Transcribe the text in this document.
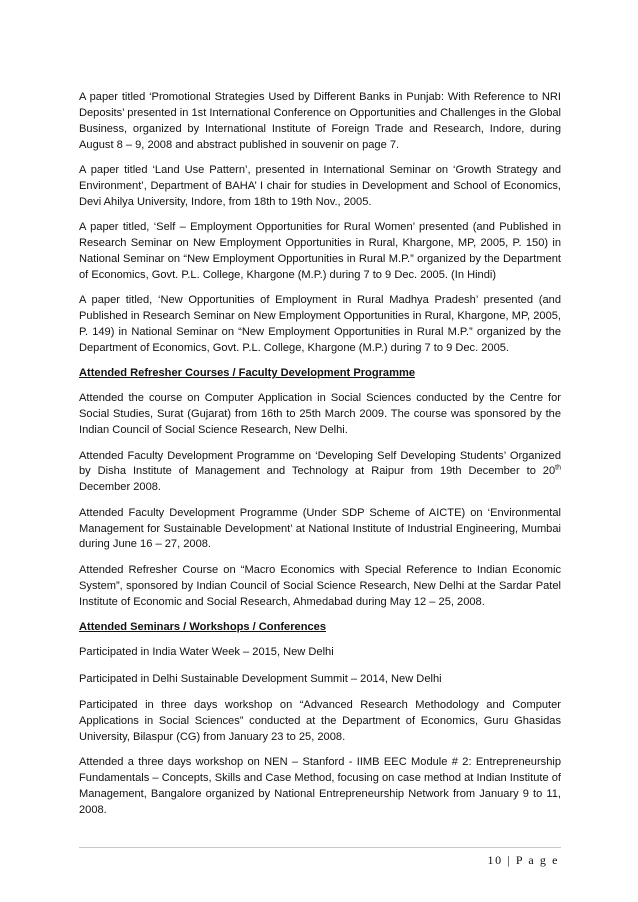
A paper titled ‘Promotional Strategies Used by Different Banks in Punjab: With Reference to NRI Deposits’ presented in 1st International Conference on Opportunities and Challenges in the Global Business, organized by International Institute of Foreign Trade and Research, Indore, during August 8 – 9, 2008 and abstract published in souvenir on page 7.

A paper titled ‘Land Use Pattern’, presented in International Seminar on ‘Growth Strategy and Environment’, Department of BAHA’ I chair for studies in Development and School of Economics, Devi Ahilya University, Indore, from 18th to 19th Nov., 2005.

A paper titled, ‘Self – Employment Opportunities for Rural Women’ presented (and Published in Research Seminar on New Employment Opportunities in Rural, Khargone, MP, 2005, P. 150) in National Seminar on “New Employment Opportunities in Rural M.P.” organized by the Department of Economics, Govt. P.L. College, Khargone (M.P.) during 7 to 9 Dec. 2005. (In Hindi)

A paper titled, ‘New Opportunities of Employment in Rural Madhya Pradesh’ presented (and Published in Research Seminar on New Employment Opportunities in Rural, Khargone, MP, 2005, P. 149) in National Seminar on “New Employment Opportunities in Rural M.P.” organized by the Department of Economics, Govt. P.L. College, Khargone (M.P.) during 7 to 9 Dec. 2005.

Attended Refresher Courses / Faculty Development Programme

Attended the course on Computer Application in Social Sciences conducted by the Centre for Social Studies, Surat (Gujarat) from 16th to 25th March 2009. The course was sponsored by the Indian Council of Social Science Research, New Delhi.

Attended Faculty Development Programme on ‘Developing Self Developing Students’ Organized by Disha Institute of Management and Technology at Raipur from 19th December to 20th December 2008.

Attended Faculty Development Programme (Under SDP Scheme of AICTE) on ‘Environmental Management for Sustainable Development’ at National Institute of Industrial Engineering, Mumbai during June 16 – 27, 2008.

Attended Refresher Course on “Macro Economics with Special Reference to Indian Economic System”, sponsored by Indian Council of Social Science Research, New Delhi at the Sardar Patel Institute of Economic and Social Research, Ahmedabad during May 12 – 25, 2008.

Attended Seminars / Workshops / Conferences

Participated in India Water Week – 2015, New Delhi

Participated in Delhi Sustainable Development Summit – 2014, New Delhi

Participated in three days workshop on “Advanced Research Methodology and Computer Applications in Social Sciences” conducted at the Department of Economics, Guru Ghasidas University, Bilaspur (CG) from January 23 to 25, 2008.

Attended a three days workshop on NEN – Stanford - IIMB EEC Module # 2: Entrepreneurship Fundamentals – Concepts, Skills and Case Method, focusing on case method at Indian Institute of Management, Bangalore organized by National Entrepreneurship Network from January 9 to 11, 2008.

10 | P a g e
